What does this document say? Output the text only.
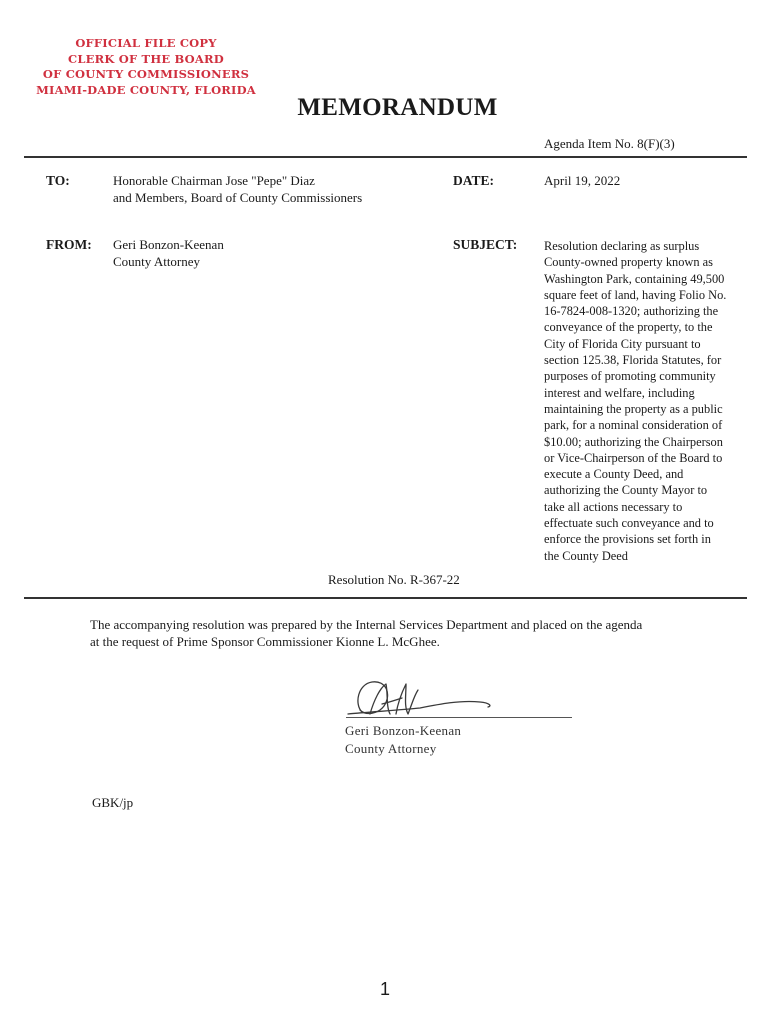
OFFICIAL FILE COPY
CLERK OF THE BOARD
OF COUNTY COMMISSIONERS
MIAMI-DADE COUNTY, FLORIDA
MEMORANDUM
Agenda Item No. 8(F)(3)
TO:	Honorable Chairman Jose "Pepe" Diaz
and Members, Board of County Commissioners
DATE:	April 19, 2022
FROM: Geri Bonzon-Keenan
County Attorney
SUBJECT: Resolution declaring as surplus
County-owned property known as
Washington Park, containing 49,500
square feet of land, having Folio No.
16-7824-008-1320; authorizing the
conveyance of the property, to the
City of Florida City pursuant to
section 125.38, Florida Statutes, for
purposes of promoting community
interest and welfare, including
maintaining the property as a public
park, for a nominal consideration of
$10.00; authorizing the Chairperson
or Vice-Chairperson of the Board to
execute a County Deed, and
authorizing the County Mayor to
take all actions necessary to
effectuate such conveyance and to
enforce the provisions set forth in
the County Deed
Resolution No. R-367-22
The accompanying resolution was prepared by the Internal Services Department and placed on the agenda
at the request of Prime Sponsor Commissioner Kionne L. McGhee.
Geri Bonzon-Keenan
County Attorney
GBK/jp
1
